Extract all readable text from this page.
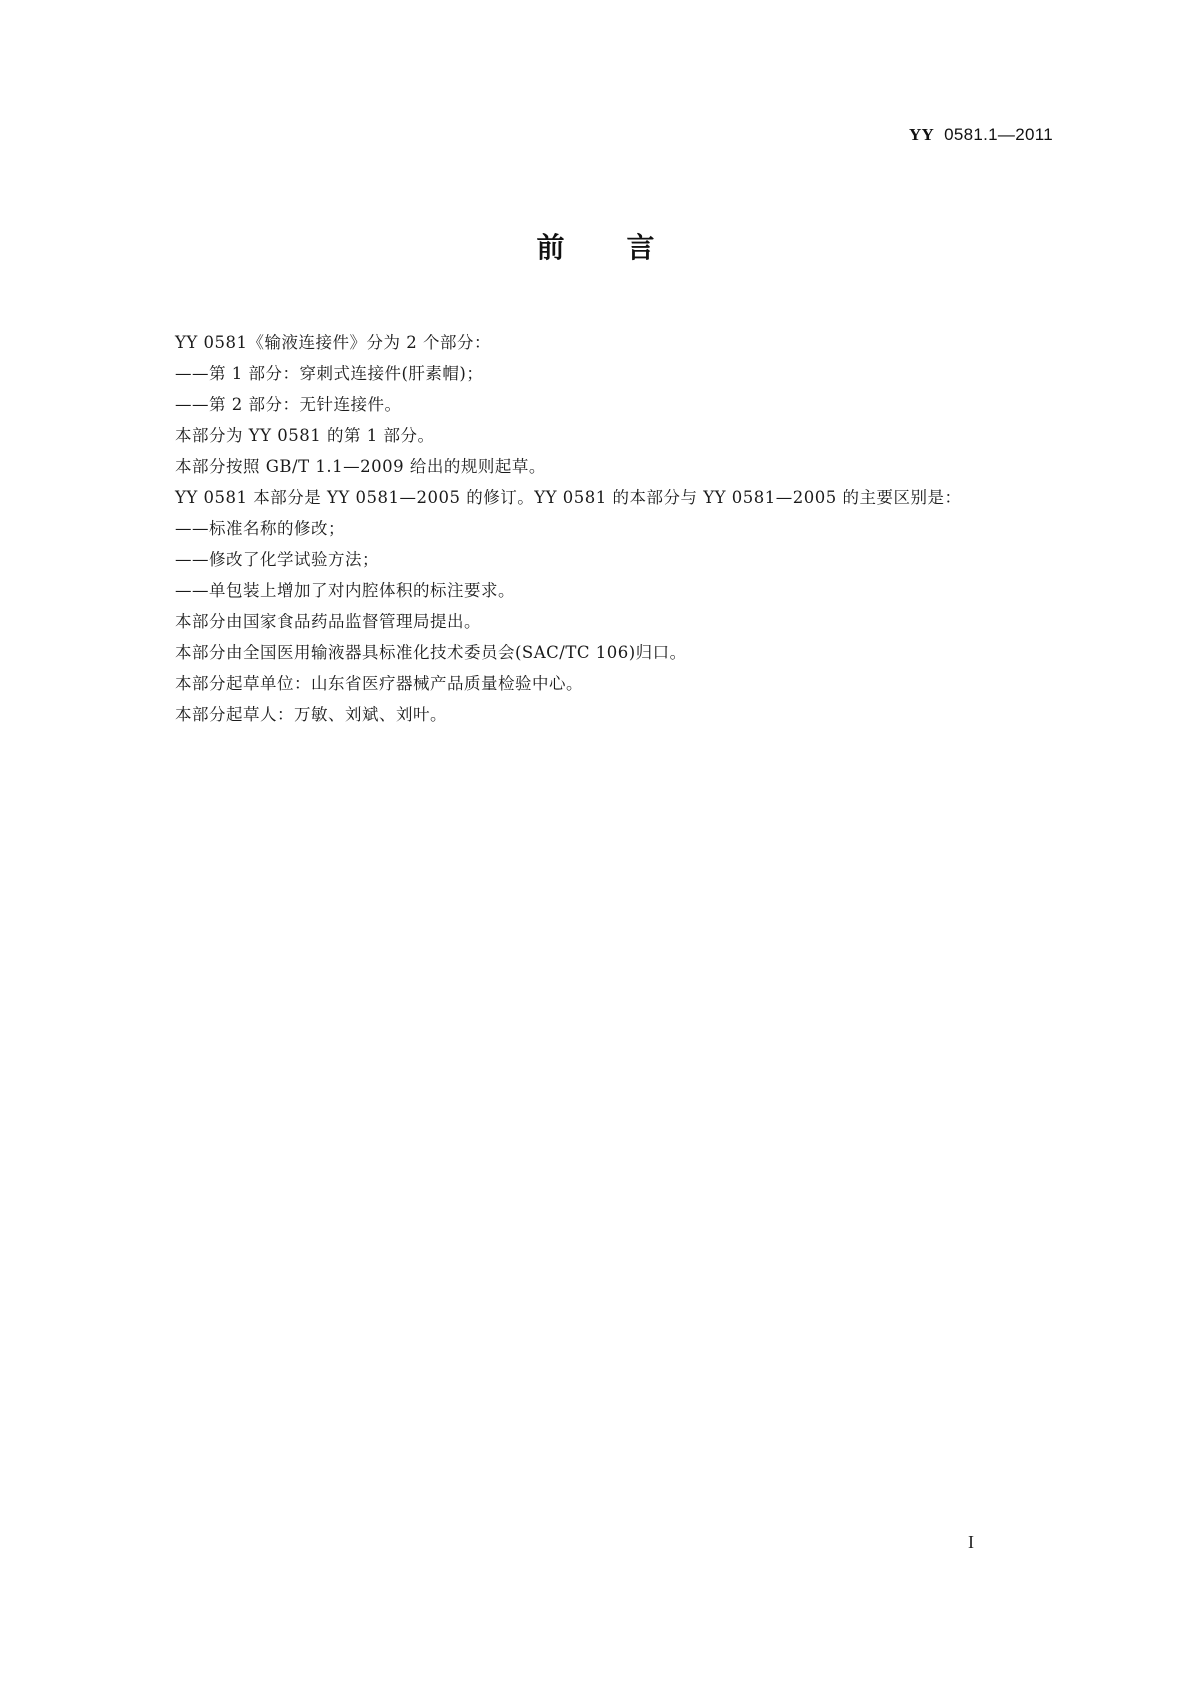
YY 0581.1—2011
前言
YY 0581《输液连接件》分为 2 个部分：
——第 1 部分：穿刺式连接件(肝素帽)；
——第 2 部分：无针连接件。
本部分为 YY 0581 的第 1 部分。
本部分按照 GB/T 1.1—2009 给出的规则起草。
YY 0581 本部分是 YY 0581—2005 的修订。YY 0581 的本部分与 YY 0581—2005 的主要区别是：
——标准名称的修改；
——修改了化学试验方法；
——单包装上增加了对内腔体积的标注要求。
本部分由国家食品药品监督管理局提出。
本部分由全国医用输液器具标准化技术委员会(SAC/TC 106)归口。
本部分起草单位：山东省医疗器械产品质量检验中心。
本部分起草人：万敏、刘斌、刘叶。
I
